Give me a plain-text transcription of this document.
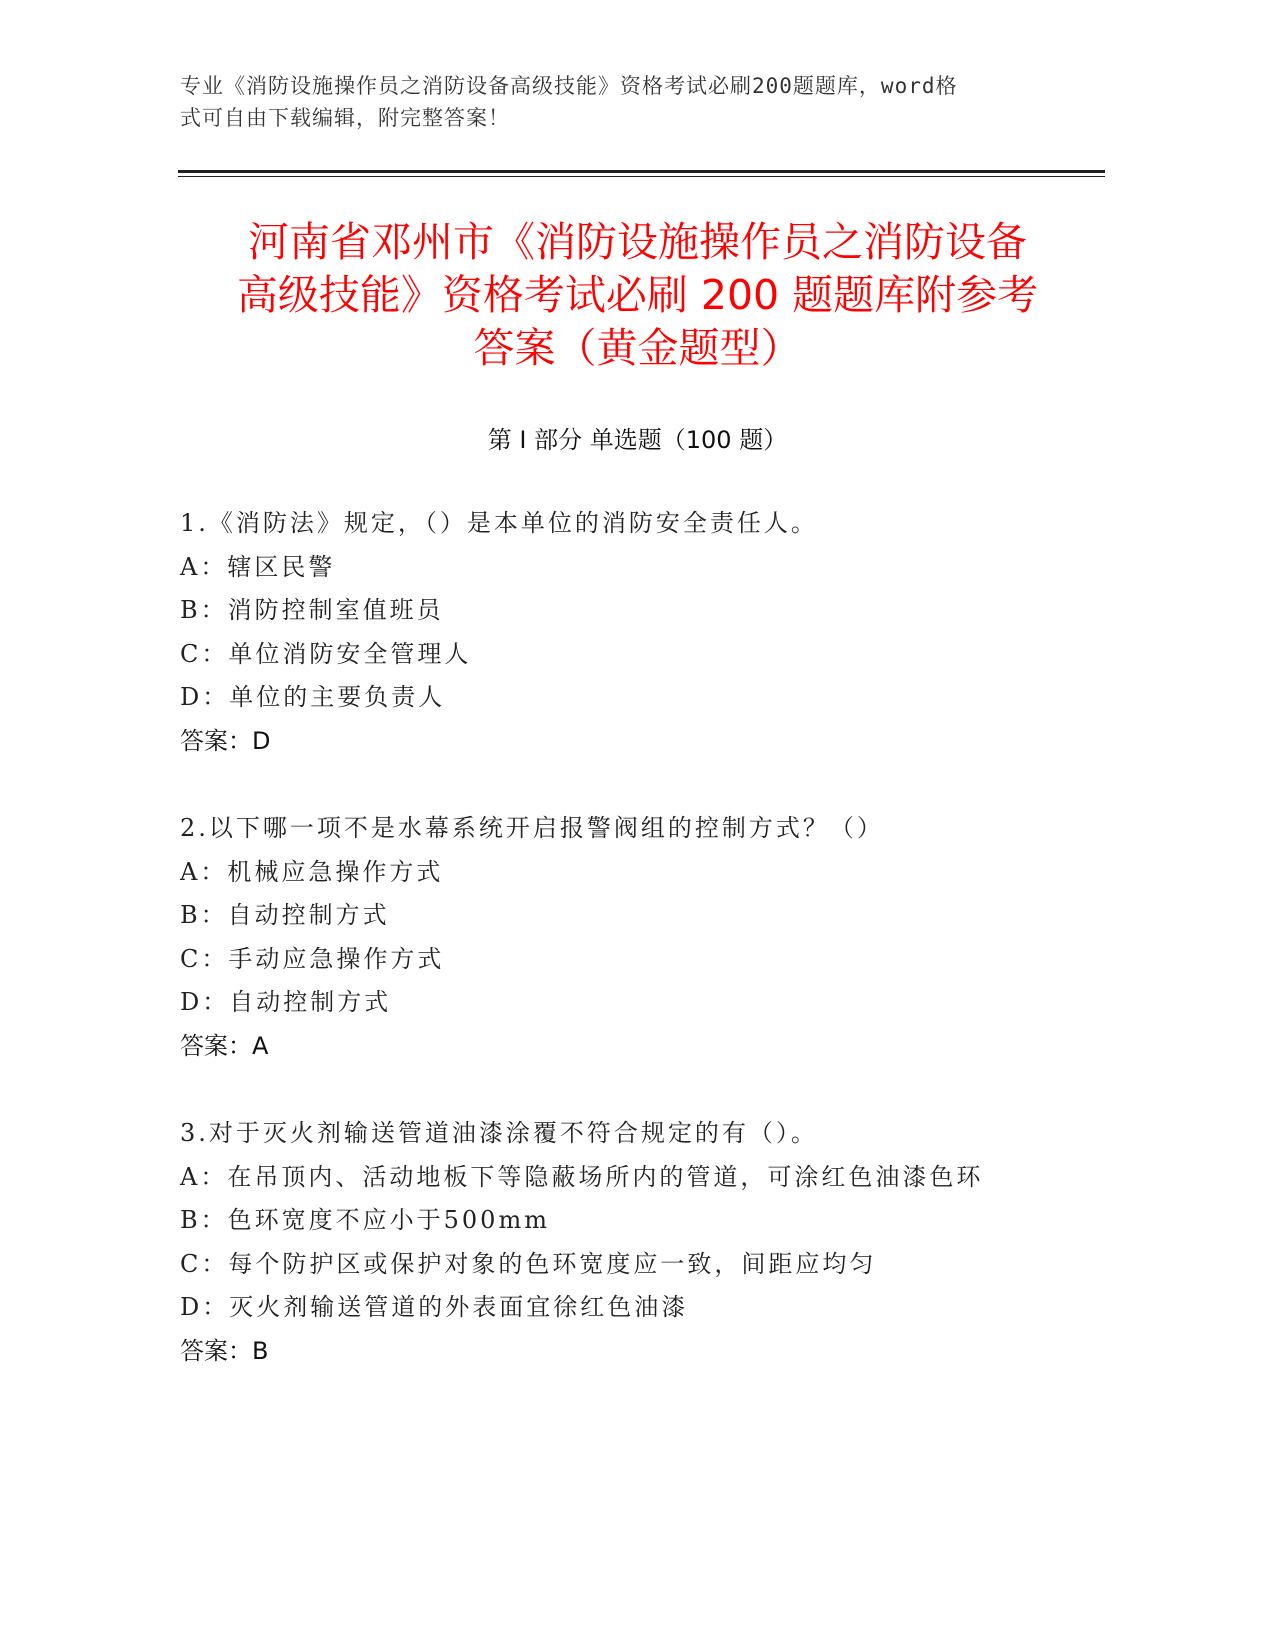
专业《消防设施操作员之消防设备高级技能》资格考试必刷200题题库，word格
式可自由下载编辑，附完整答案！
河南省邓州市《消防设施操作员之消防设备
高级技能》资格考试必刷 200 题题库附参考
答案（黄金题型）
第 I 部分 单选题（100 题）
1.《消防法》规定，（）是本单位的消防安全责任人。
A：辖区民警
B：消防控制室值班员
C：单位消防安全管理人
D：单位的主要负责人
答案：D
2.以下哪一项不是水幕系统开启报警阀组的控制方式？（）
A：机械应急操作方式
B：自动控制方式
C：手动应急操作方式
D：自动控制方式
答案：A
3.对于灭火剂输送管道油漆涂覆不符合规定的有（）。
A：在吊顶内、活动地板下等隐蔽场所内的管道，可涂红色油漆色环
B：色环宽度不应小于500mm
C：每个防护区或保护对象的色环宽度应一致，间距应均匀
D：灭火剂输送管道的外表面宜徐红色油漆
答案：B
